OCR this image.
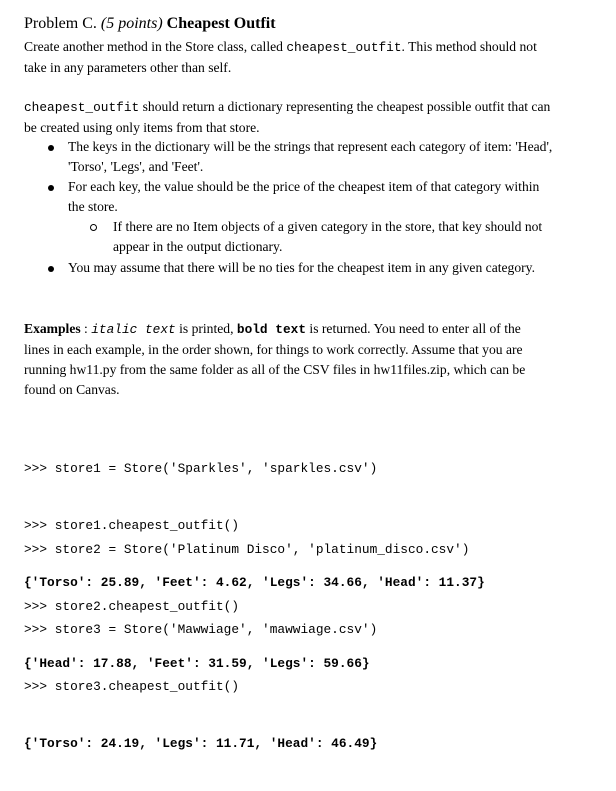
Problem C. (5 points) Cheapest Outfit
Create another method in the Store class, called cheapest_outfit. This method should not
take in any parameters other than self.
cheapest_outfit should return a dictionary representing the cheapest possible outfit that can
be created using only items from that store.
The keys in the dictionary will be the strings that represent each category of item: 'Head',
'Torso', 'Legs', and 'Feet'.
For each key, the value should be the price of the cheapest item of that category within
the store.
If there are no Item objects of a given category in the store, that key should not
appear in the output dictionary.
You may assume that there will be no ties for the cheapest item in any given category.
Examples : italic text is printed, bold text is returned. You need to enter all of the
lines in each example, in the order shown, for things to work correctly. Assume that you are
running hw11.py from the same folder as all of the CSV files in hw11files.zip, which can be
found on Canvas.

>>> store1 = Store('Sparkles', 'sparkles.csv')

>>> store1.cheapest_outfit()

{'Torso': 25.89, 'Feet': 4.62, 'Legs': 34.66, 'Head': 11.37}

>>> store2 = Store('Platinum Disco', 'platinum_disco.csv')

>>> store2.cheapest_outfit()

{'Head': 17.88, 'Feet': 31.59, 'Legs': 59.66}

>>> store3 = Store('Mawwiage', 'mawwiage.csv')

>>> store3.cheapest_outfit()

{'Torso': 24.19, 'Legs': 11.71, 'Head': 46.49}
